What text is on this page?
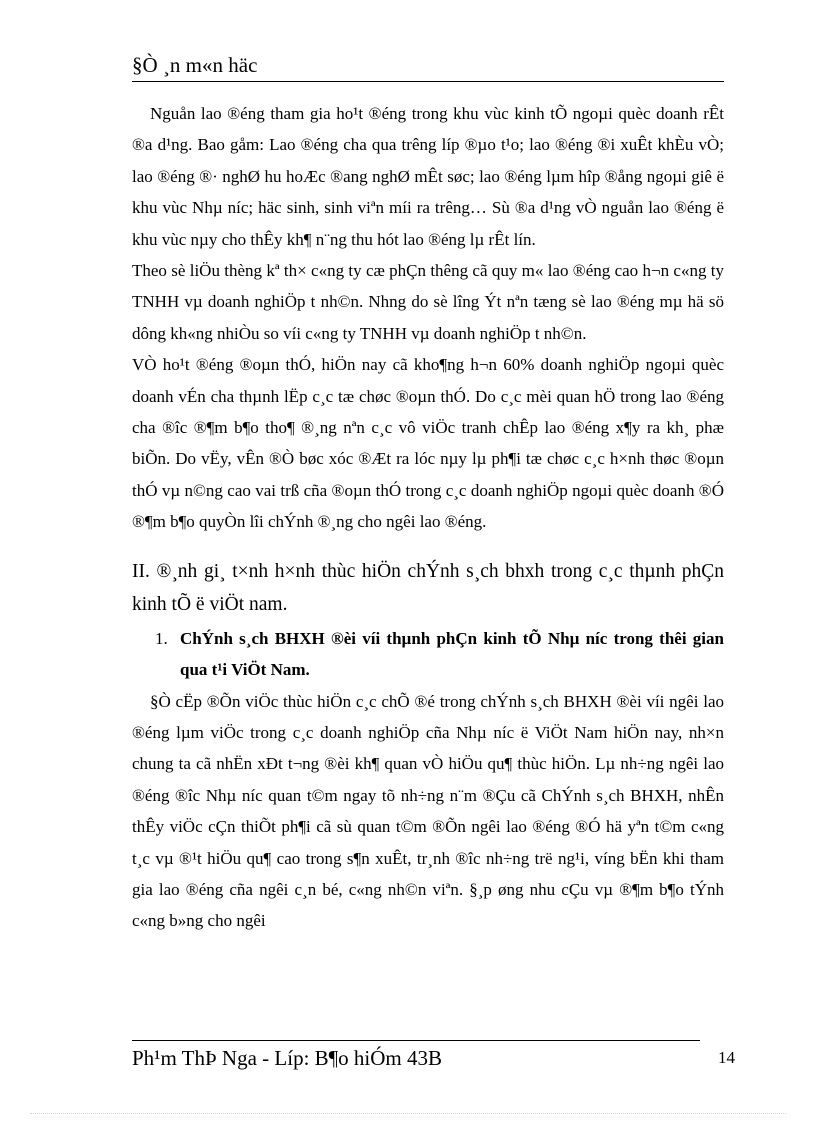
§Ò ¸n m«n häc

Nguån lao ®éng tham gia ho¹t ®éng trong khu vùc kinh tÕ ngoµi quèc doanh rÊt ®a d¹ng. Bao gåm: Lao ®éng cha qua trêng líp ®µo t¹o; lao ®éng ®i xuÊt khÈu vÒ; lao ®éng ®· nghØ hu hoÆc ®ang nghØ mÊt søc; lao ®éng lµm hîp ®ång ngoµi giê ë khu vùc Nhµ níc; häc sinh, sinh viªn míi ra trêng… Sù ®a d¹ng vÒ nguån lao ®éng ë khu vùc nµy cho thÊy kh¶ n¨ng thu hót lao ®éng lµ rÊt lín.

Theo sè liÖu thèng kª th× c«ng ty cæ phÇn thêng cã quy m« lao ®éng cao h¬n c«ng ty TNHH vµ doanh nghiÖp t nh©n. Nhng do sè lîng Ýt nªn tæng sè lao ®éng mµ hä sö dông kh«ng nhiÒu so víi c«ng ty TNHH vµ doanh nghiÖp t nh©n.

VÒ ho¹t ®éng ®oµn thÓ, hiÖn nay cã kho¶ng h¬n 60% doanh nghiÖp ngoµi quèc doanh vÉn cha thµnh lËp c¸c tæ chøc ®oµn thÓ. Do c¸c mèi quan hÖ trong lao ®éng cha ®îc ®¶m b¶o tho¶ ®¸ng nªn c¸c vô viÖc tranh chÊp lao ®éng x¶y ra kh¸ phæ biÕn. Do vËy, vÊn ®Ò bøc xóc ®Æt ra lóc nµy lµ ph¶i tæ chøc c¸c h×nh thøc ®oµn thÓ vµ n©ng cao vai trß cña ®oµn thÓ trong c¸c doanh nghiÖp ngoµi quèc doanh ®Ó ®¶m b¶o quyÒn lîi chÝnh ®¸ng cho ngêi lao ®éng.

II. ®¸nh gi¸ t×nh h×nh thùc hiÖn chÝnh s¸ch bhxh trong c¸c thµnh phÇn kinh tÕ ë viÖt nam.

1. ChÝnh s¸ch BHXH ®èi víi thµnh phÇn kinh tÕ Nhµ níc trong thêi gian qua t¹i ViÖt Nam.

§Ò cËp ®Õn viÖc thùc hiÖn c¸c chÕ ®é trong chÝnh s¸ch BHXH ®èi víi ngêi lao ®éng lµm viÖc trong c¸c doanh nghiÖp cña Nhµ níc ë ViÖt Nam hiÖn nay, nh×n chung ta cã nhËn xÐt t¬ng ®èi kh¶ quan vÒ hiÖu qu¶ thùc hiÖn. Lµ nh÷ng ngêi lao ®éng ®îc Nhµ níc quan t©m ngay tõ nh÷ng n¨m ®Çu cã ChÝnh s¸ch BHXH, nhÊn thÊy viÖc cÇn thiÕt ph¶i cã sù quan t©m ®Õn ngêi lao ®éng ®Ó hä yªn t©m c«ng t¸c vµ ®¹t hiÖu qu¶ cao trong s¶n xuÊt, tr¸nh ®îc nh÷ng trë ng¹i, víng bËn khi tham gia lao ®éng cña ngêi c¸n bé, c«ng nh©n viªn. §¸p øng nhu cÇu vµ ®¶m b¶o tÝnh c«ng b»ng cho ngêi

Ph¹m ThÞ Nga - Líp: B¶o hiÓm 43B	14
